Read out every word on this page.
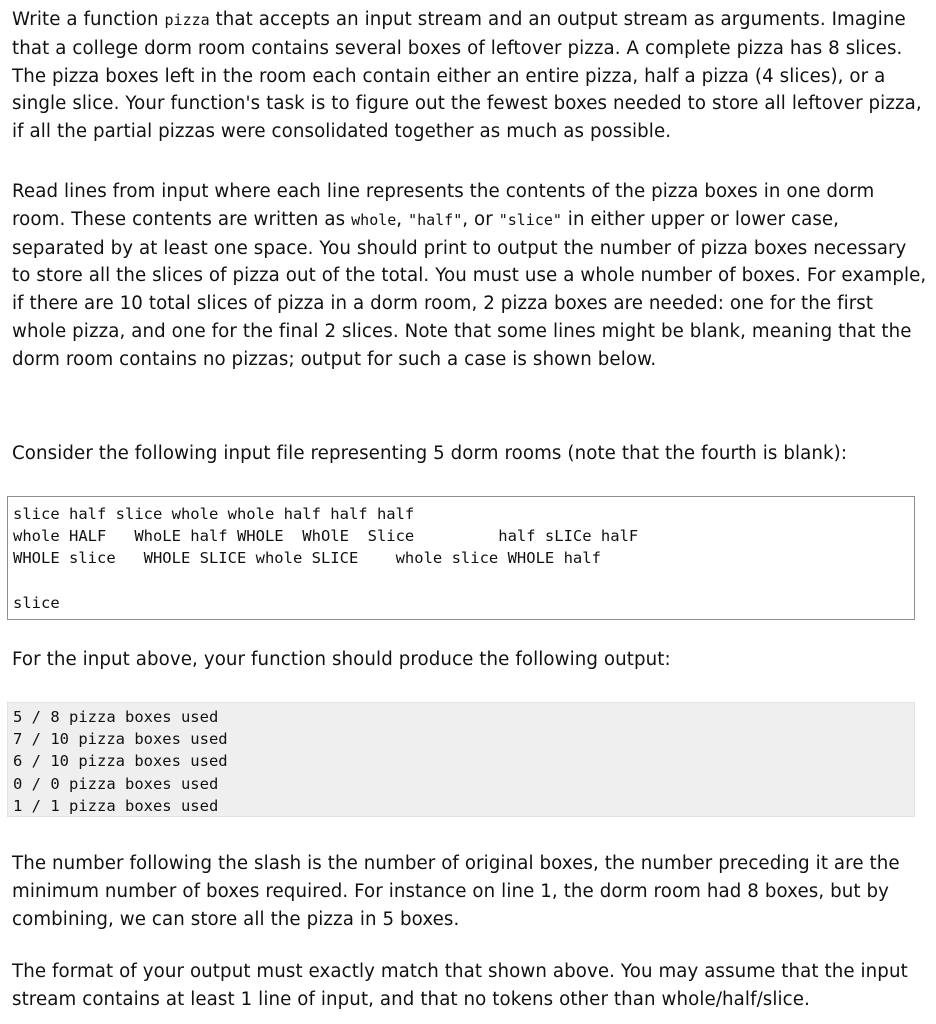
Write a function pizza that accepts an input stream and an output stream as arguments. Imagine that a college dorm room contains several boxes of leftover pizza. A complete pizza has 8 slices. The pizza boxes left in the room each contain either an entire pizza, half a pizza (4 slices), or a single slice. Your function's task is to figure out the fewest boxes needed to store all leftover pizza, if all the partial pizzas were consolidated together as much as possible.

Read lines from input where each line represents the contents of the pizza boxes in one dorm room. These contents are written as whole, "half", or "slice" in either upper or lower case, separated by at least one space. You should print to output the number of pizza boxes necessary to store all the slices of pizza out of the total. You must use a whole number of boxes. For example, if there are 10 total slices of pizza in a dorm room, 2 pizza boxes are needed: one for the first whole pizza, and one for the final 2 slices. Note that some lines might be blank, meaning that the dorm room contains no pizzas; output for such a case is shown below.

Consider the following input file representing 5 dorm rooms (note that the fourth is blank):

slice half slice whole whole half half half
whole HALF   WhoLE half WHOLE  WhOlE  Slice         half sLICe halF
WHOLE slice   WHOLE SLICE whole SLICE    whole slice WHOLE half
slice

For the input above, your function should produce the following output:

5 / 8 pizza boxes used
7 / 10 pizza boxes used
6 / 10 pizza boxes used
0 / 0 pizza boxes used
1 / 1 pizza boxes used

The number following the slash is the number of original boxes, the number preceding it are the minimum number of boxes required. For instance on line 1, the dorm room had 8 boxes, but by combining, we can store all the pizza in 5 boxes.

The format of your output must exactly match that shown above. You may assume that the input stream contains at least 1 line of input, and that no tokens other than whole/half/slice.
